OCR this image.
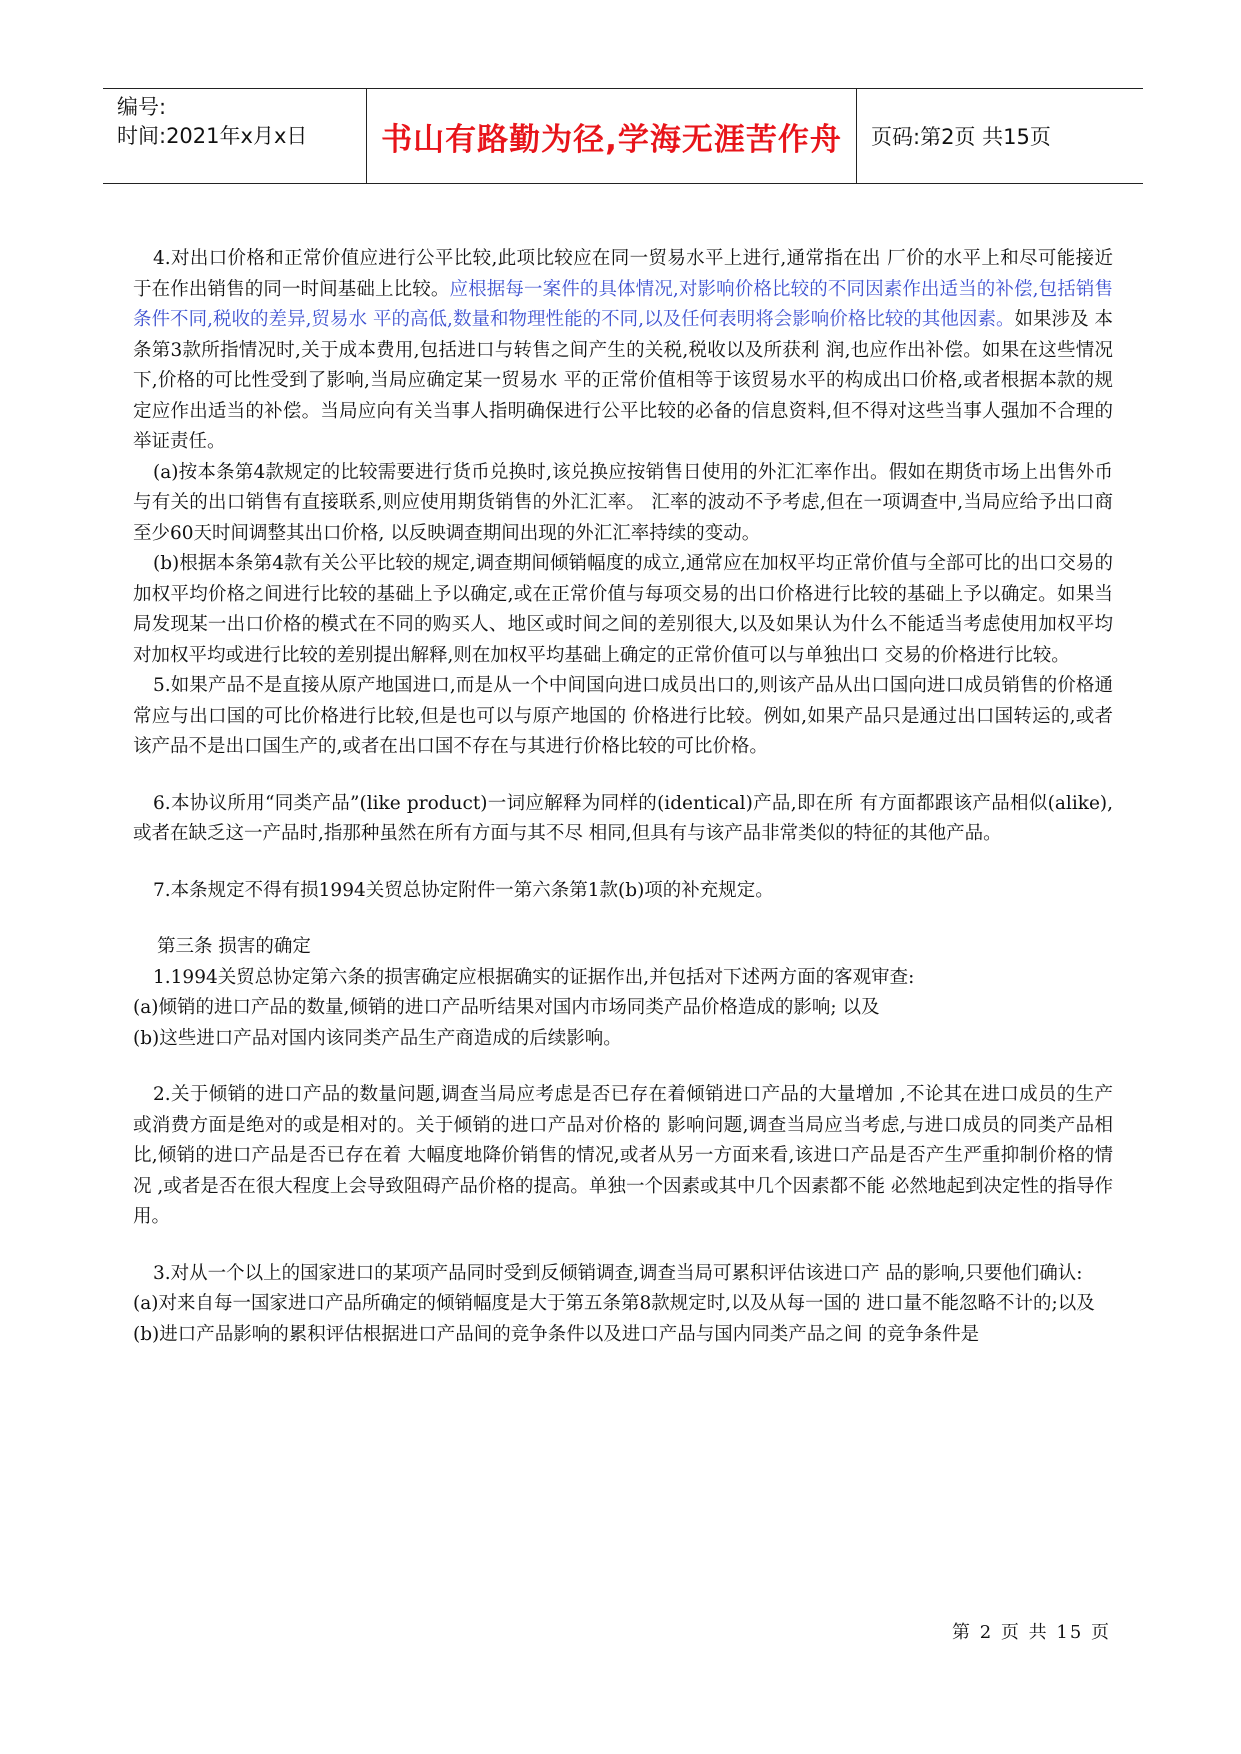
编号:
时间:2021年x月x日	书山有路勤为径,学海无涯苦作舟	页码:第2页 共15页

4.对出口价格和正常价值应进行公平比较,此项比较应在同一贸易水平上进行,通常指在出 厂价的水平上和尽可能接近于在作出销售的同一时间基础上比较。应根据每一案件的具体情况,对影响价格比较的不同因素作出适当的补偿,包括销售条件不同,税收的差异,贸易水 平的高低,数量和物理性能的不同,以及任何表明将会影响价格比较的其他因素。如果涉及 本条第3款所指情况时,关于成本费用,包括进口与转售之间产生的关税,税收以及所获利 润,也应作出补偿。如果在这些情况下,价格的可比性受到了影响,当局应确定某一贸易水 平的正常价值相等于该贸易水平的构成出口价格,或者根据本款的规定应作出适当的补偿。当局应向有关当事人指明确保进行公平比较的必备的信息资料,但不得对这些当事人强加不合理的举证责任。

(a)按本条第4款规定的比较需要进行货币兑换时,该兑换应按销售日使用的外汇汇率作出。假如在期货市场上出售外币与有关的出口销售有直接联系,则应使用期货销售的外汇汇率。 汇率的波动不予考虑,但在一项调查中,当局应给予出口商至少60天时间调整其出口价格, 以反映调查期间出现的外汇汇率持续的变动。

(b)根据本条第4款有关公平比较的规定,调查期间倾销幅度的成立,通常应在加权平均正常价值与全部可比的出口交易的加权平均价格之间进行比较的基础上予以确定,或在正常价值与每项交易的出口价格进行比较的基础上予以确定。如果当局发现某一出口价格的模式在不同的购买人、地区或时间之间的差别很大,以及如果认为什么不能适当考虑使用加权平均对加权平均或进行比较的差别提出解释,则在加权平均基础上确定的正常价值可以与单独出口 交易的价格进行比较。

5.如果产品不是直接从原产地国进口,而是从一个中间国向进口成员出口的,则该产品从出口国向进口成员销售的价格通常应与出口国的可比价格进行比较,但是也可以与原产地国的 价格进行比较。例如,如果产品只是通过出口国转运的,或者该产品不是出口国生产的,或者在出口国不存在与其进行价格比较的可比价格。

6.本协议所用“同类产品”(like product)一词应解释为同样的(identical)产品,即在所 有方面都跟该产品相似(alike),或者在缺乏这一产品时,指那种虽然在所有方面与其不尽 相同,但具有与该产品非常类似的特征的其他产品。

7.本条规定不得有损1994关贸总协定附件一第六条第1款(b)项的补充规定。

第三条 损害的确定

1.1994关贸总协定第六条的损害确定应根据确实的证据作出,并包括对下述两方面的客观审查:

(a)倾销的进口产品的数量,倾销的进口产品听结果对国内市场同类产品价格造成的影响; 以及

(b)这些进口产品对国内该同类产品生产商造成的后续影响。

2.关于倾销的进口产品的数量问题,调查当局应考虑是否已存在着倾销进口产品的大量增加 ,不论其在进口成员的生产或消费方面是绝对的或是相对的。关于倾销的进口产品对价格的 影响问题,调查当局应当考虑,与进口成员的同类产品相比,倾销的进口产品是否已存在着 大幅度地降价销售的情况,或者从另一方面来看,该进口产品是否产生严重抑制价格的情况 ,或者是否在很大程度上会导致阻碍产品价格的提高。单独一个因素或其中几个因素都不能 必然地起到决定性的指导作用。

3.对从一个以上的国家进口的某项产品同时受到反倾销调查,调查当局可累积评估该进口产 品的影响,只要他们确认:

(a)对来自每一国家进口产品所确定的倾销幅度是大于第五条第8款规定时,以及从每一国的 进口量不能忽略不计的;以及

(b)进口产品影响的累积评估根据进口产品间的竞争条件以及进口产品与国内同类产品之间 的竞争条件是

第 2 页 共 15 页
